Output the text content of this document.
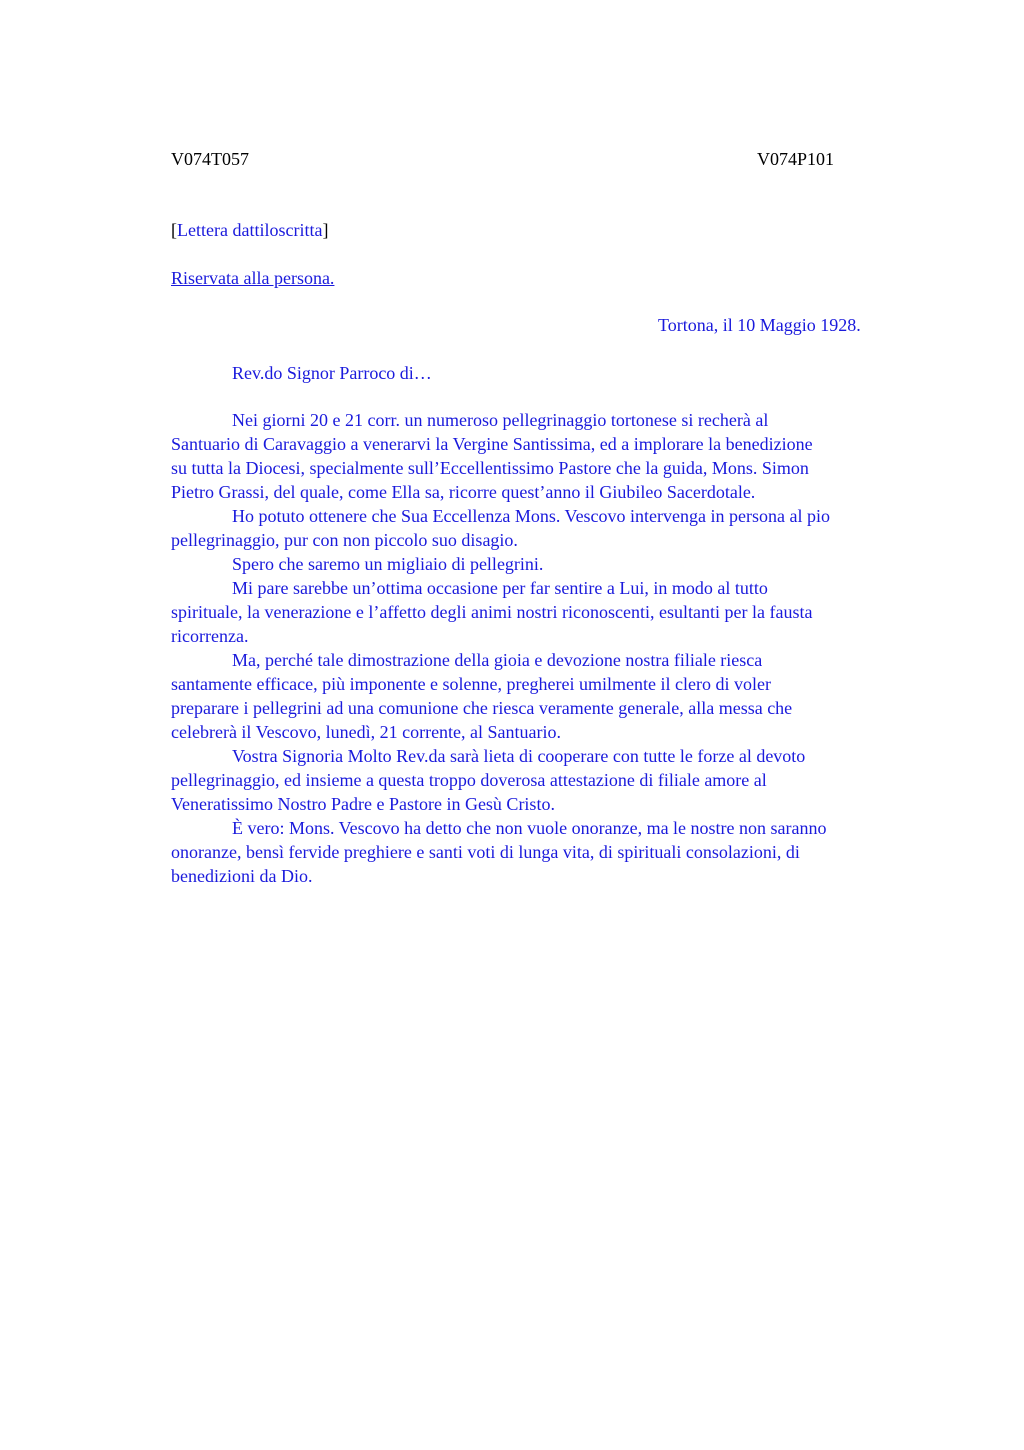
V074T057	V074P101
[Lettera dattiloscritta]
Riservata alla persona.
Tortona, il 10 Maggio 1928.
Rev.do Signor Parroco di…

Nei giorni 20 e 21 corr. un numeroso pellegrinaggio tortonese si recherà al
Santuario di Caravaggio a venerarvi la Vergine Santissima, ed a implorare la benedizione
su tutta la Diocesi, specialmente sull’Eccellentissimo Pastore che la guida, Mons. Simon
Pietro Grassi, del quale, come Ella sa, ricorre quest’anno il Giubileo Sacerdotale.

Ho potuto ottenere che Sua Eccellenza Mons. Vescovo intervenga in persona al pio
pellegrinaggio, pur con non piccolo suo disagio.

Spero che saremo un migliaio di pellegrini.

Mi pare sarebbe un’ottima occasione per far sentire a Lui, in modo al tutto
spirituale, la venerazione e l’affetto degli animi nostri riconoscenti, esultanti per la fausta
ricorrenza.

Ma, perché tale dimostrazione della gioia e devozione nostra filiale riesca
santamente efficace, più imponente e solenne, pregherei umilmente il clero di voler
preparare i pellegrini ad una comunione che riesca veramente generale, alla messa che
celebrerà il Vescovo, lunedì, 21 corrente, al Santuario.

Vostra Signoria Molto Rev.da sarà lieta di cooperare con tutte le forze al devoto
pellegrinaggio, ed insieme a questa troppo doverosa attestazione di filiale amore al
Veneratissimo Nostro Padre e Pastore in Gesù Cristo.

È vero: Mons. Vescovo ha detto che non vuole onoranze, ma le nostre non saranno
onoranze, bensì fervide preghiere e santi voti di lunga vita, di spirituali consolazioni, di
benedizioni da Dio.
